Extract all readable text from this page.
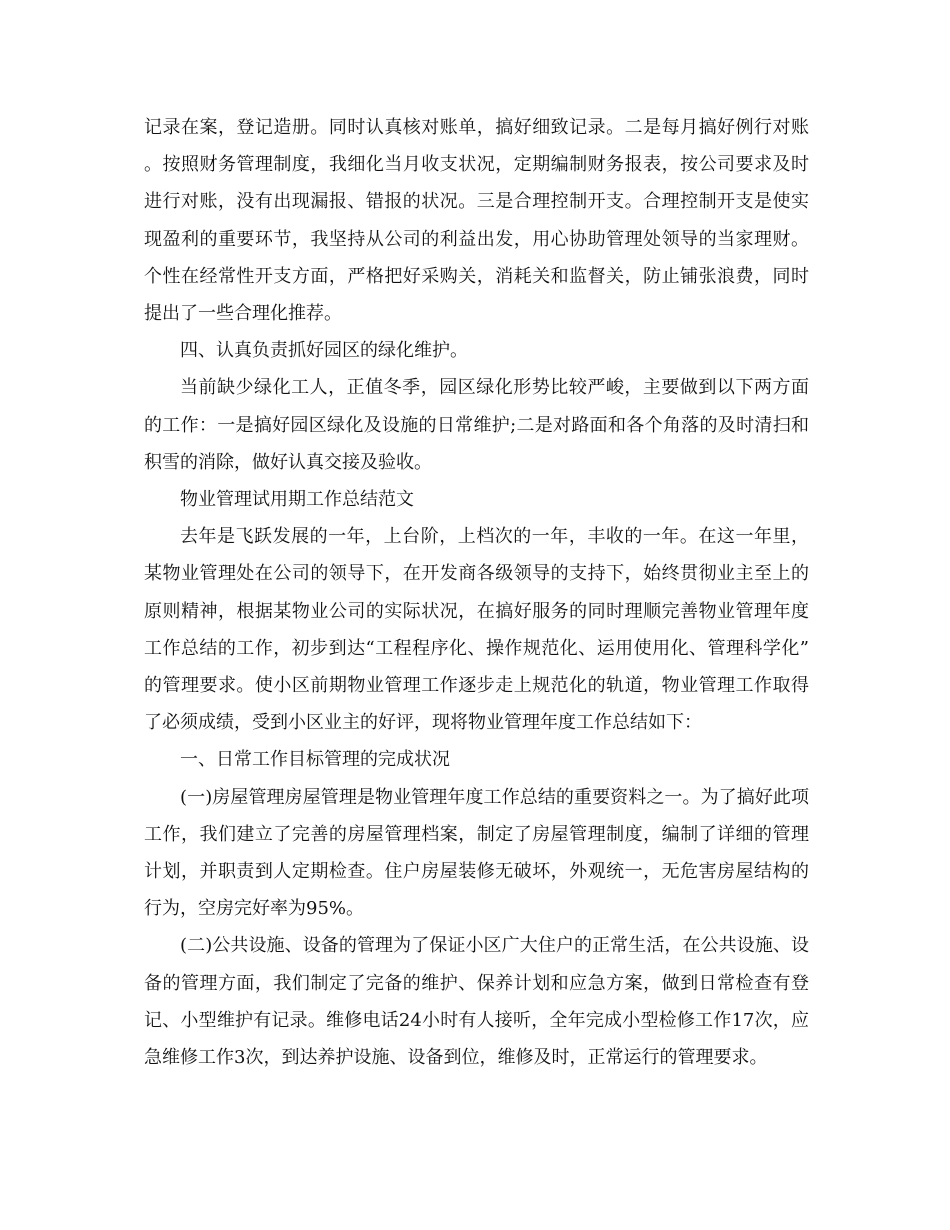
记录在案，登记造册。同时认真核对账单，搞好细致记录。二是每月搞好例行对账。按照财务管理制度，我细化当月收支状况，定期编制财务报表，按公司要求及时进行对账，没有出现漏报、错报的状况。三是合理控制开支。合理控制开支是使实现盈利的重要环节，我坚持从公司的利益出发，用心协助管理处领导的当家理财。个性在经常性开支方面，严格把好采购关，消耗关和监督关，防止铺张浪费，同时提出了一些合理化推荐。

四、认真负责抓好园区的绿化维护。

当前缺少绿化工人，正值冬季，园区绿化形势比较严峻，主要做到以下两方面的工作：一是搞好园区绿化及设施的日常维护;二是对路面和各个角落的及时清扫和积雪的消除，做好认真交接及验收。

物业管理试用期工作总结范文

去年是飞跃发展的一年，上台阶，上档次的一年，丰收的一年。在这一年里，某物业管理处在公司的领导下，在开发商各级领导的支持下，始终贯彻业主至上的原则精神，根据某物业公司的实际状况，在搞好服务的同时理顺完善物业管理年度工作总结的工作，初步到达“工程程序化、操作规范化、运用使用化、管理科学化”的管理要求。使小区前期物业管理工作逐步走上规范化的轨道，物业管理工作取得了必须成绩，受到小区业主的好评，现将物业管理年度工作总结如下：

一、日常工作目标管理的完成状况

(一)房屋管理房屋管理是物业管理年度工作总结的重要资料之一。为了搞好此项工作，我们建立了完善的房屋管理档案，制定了房屋管理制度，编制了详细的管理计划，并职责到人定期检查。住户房屋装修无破坏，外观统一，无危害房屋结构的行为，空房完好率为95%。

(二)公共设施、设备的管理为了保证小区广大住户的正常生活，在公共设施、设备的管理方面，我们制定了完备的维护、保养计划和应急方案，做到日常检查有登记、小型维护有记录。维修电话24小时有人接听，全年完成小型检修工作17次，应急维修工作3次，到达养护设施、设备到位，维修及时，正常运行的管理要求。
